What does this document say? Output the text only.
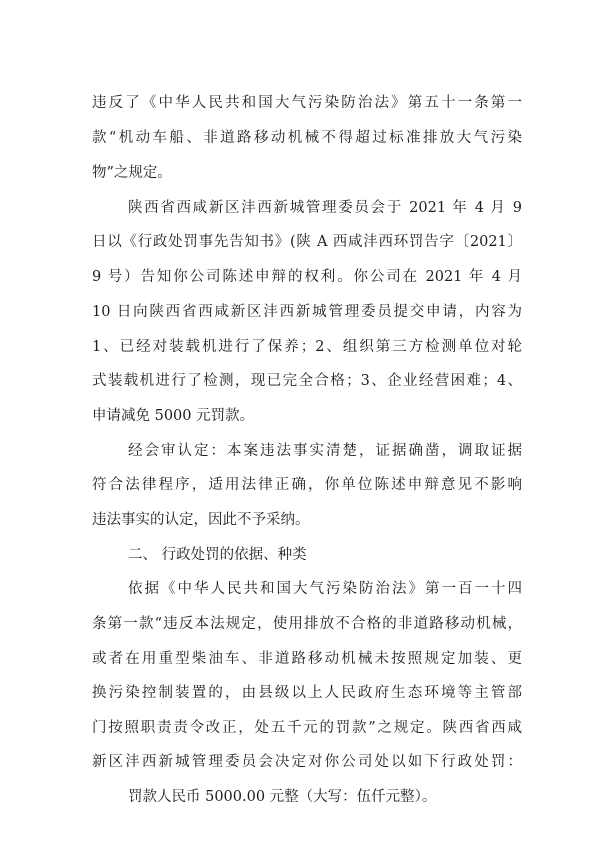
违反了《中华人民共和国大气污染防治法》第五十一条第一
款“机动车船、非道路移动机械不得超过标准排放大气污染
物”之规定。
陕西省西咸新区沣西新城管理委员会于 2021 年 4 月 9
日以《行政处罚事先告知书》(陕 A 西咸沣西环罚告字〔2021〕
9 号）告知你公司陈述申辩的权利。你公司在 2021 年 4 月
10 日向陕西省西咸新区沣西新城管理委员提交申请，内容为
1、已经对装载机进行了保养；2、组织第三方检测单位对轮
式装载机进行了检测，现已完全合格；3、企业经营困难；4、
申请减免 5000 元罚款。
经会审认定：本案违法事实清楚，证据确凿，调取证据
符合法律程序，适用法律正确，你单位陈述申辩意见不影响
违法事实的认定，因此不予采纳。
二、 行政处罚的依据、种类
依据《中华人民共和国大气污染防治法》第一百一十四
条第一款“违反本法规定，使用排放不合格的非道路移动机械，
或者在用重型柴油车、非道路移动机械未按照规定加装、更
换污染控制装置的，由县级以上人民政府生态环境等主管部
门按照职责责令改正，处五千元的罚款”之规定。陕西省西咸
新区沣西新城管理委员会决定对你公司处以如下行政处罚：
罚款人民币 5000.00 元整（大写：伍仟元整）。
